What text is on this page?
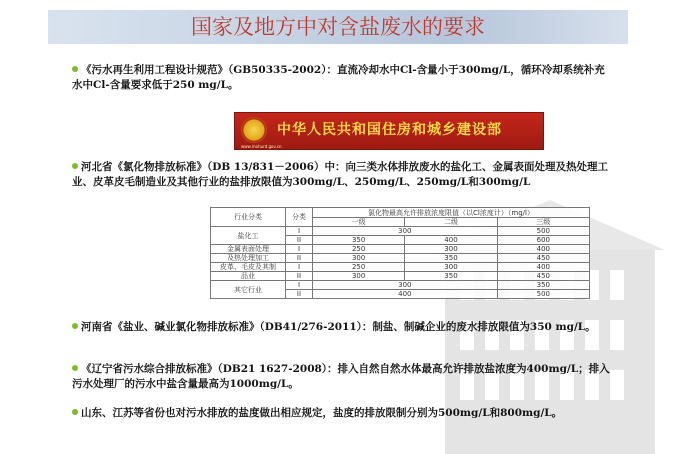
国家及地方中对含盐废水的要求
《污水再生利用工程设计规范》（GB50335-2002）：直流冷却水中Cl-含量小于300mg/L，循环冷却系统补充水中Cl-含量要求低于250 mg/L。
中华人民共和国住房和城乡建设部
www.mohurd.gov.cn
河北省《氯化物排放标准》（DB 13/831－2006）中：向三类水体排放废水的盐化工、金属表面处理及热处理工业、皮革皮毛制造业及其他行业的盐排放限值为300mg/L、250mg/L、250mg/L和300mg/L
行业分类	分类	氯化物最高允许排放浓度限值（以Cl浓度计）（mg/l）		
		一级	二级	三级
盐化工	I	300		500
	II	350	400	600
金属表面处理	I	250	300	400
及热处理加工	II	300	350	450
皮革、毛皮及其制	I	250	300	400
品业	II	300	350	450
其它行业	I	300		350
	II	400		500
河南省《盐业、碱业氯化物排放标准》（DB41/276-2011）：制盐、制碱企业的废水排放限值为350 mg/L。
《辽宁省污水综合排放标准》（DB21 1627-2008）：排入自然自然水体最高允许排放盐浓度为400mg/L；排入污水处理厂的污水中盐含量最高为1000mg/L。
山东、江苏等省份也对污水排放的盐度做出相应规定，盐度的排放限制分别为500mg/L和800mg/L。
